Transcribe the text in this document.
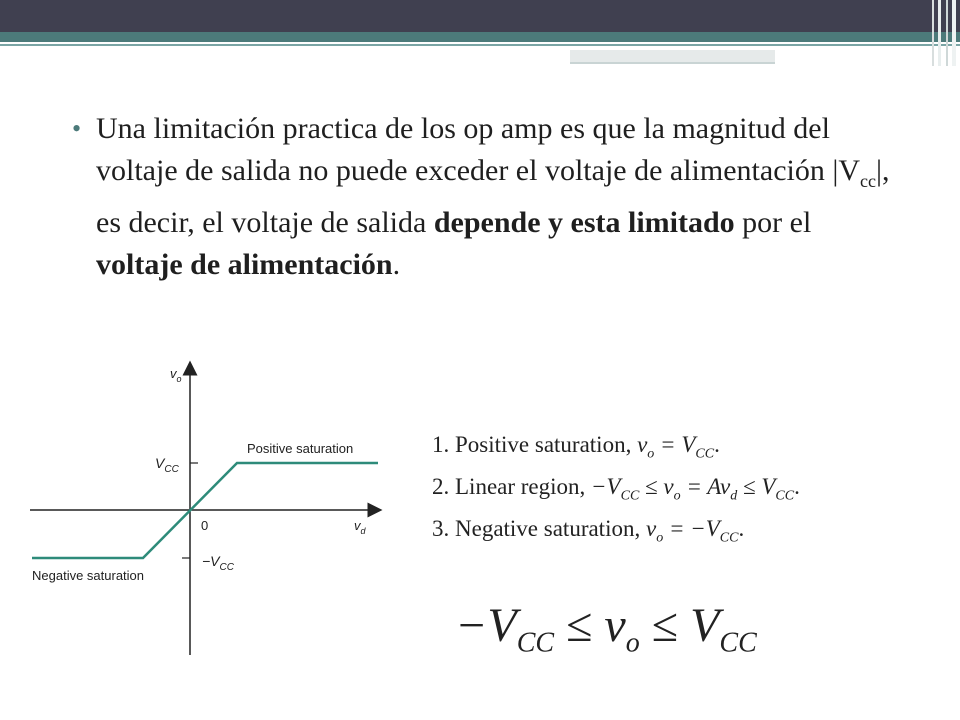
• Una limitación practica de los op amp es que la magnitud del voltaje de salida no puede exceder el voltaje de alimentación $|V_{cc}|$, es decir, el voltaje de salida depende y esta limitado por el voltaje de alimentación.
$v_o$
$v_d$
$V_{CC}$
$-V_{CC}$
0
Positive saturation
Negative saturation
1. Positive saturation, $v_o = V_{CC}$.
2. Linear region, $-V_{CC} \le v_o = Av_d \le V_{CC}$.
3. Negative saturation, $v_o = -V_{CC}$.
$-V_{CC} \le v_o \le V_{CC}$
